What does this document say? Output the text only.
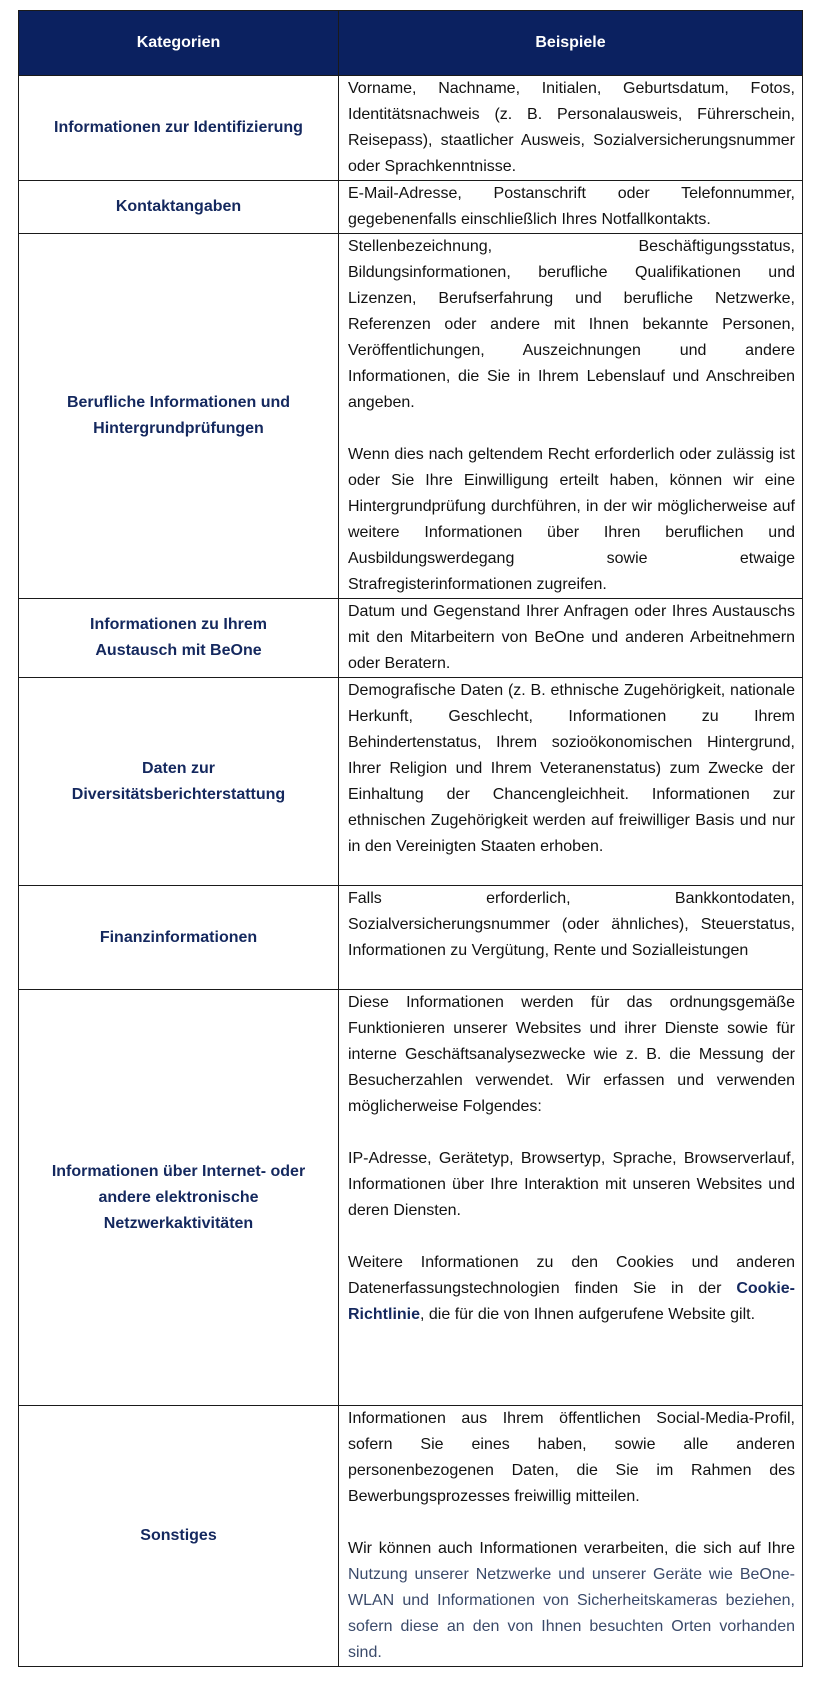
Kategorien	Beispiele
Informationen zur Identifizierung	Vorname, Nachname, Initialen, Geburtsdatum, Fotos, Identitätsnachweis (z. B. Personalausweis, Führerschein, Reisepass), staatlicher Ausweis, Sozialversicherungsnummer oder Sprachkenntnisse.

Kontaktangaben	E-Mail-Adresse, Postanschrift oder Telefonnummer, gegebenenfalls einschließlich Ihres Notfallkontakts.

Berufliche Informationen und Hintergrundprüfungen	Stellenbezeichnung, Beschäftigungsstatus, Bildungsinformationen, berufliche Qualifikationen und Lizenzen, Berufserfahrung und berufliche Netzwerke, Referenzen oder andere mit Ihnen bekannte Personen, Veröffentlichungen, Auszeichnungen und andere Informationen, die Sie in Ihrem Lebenslauf und Anschreiben angeben.

Wenn dies nach geltendem Recht erforderlich oder zulässig ist oder Sie Ihre Einwilligung erteilt haben, können wir eine Hintergrundprüfung durchführen, in der wir möglicherweise auf weitere Informationen über Ihren beruflichen und Ausbildungswerdegang sowie etwaige Strafregisterinformationen zugreifen.

Informationen zu Ihrem Austausch mit BeOne	Datum und Gegenstand Ihrer Anfragen oder Ihres Austauschs mit den Mitarbeitern von BeOne und anderen Arbeitnehmern oder Beratern.

Daten zur Diversitätsberichterstattung	Demografische Daten (z. B. ethnische Zugehörigkeit, nationale Herkunft, Geschlecht, Informationen zu Ihrem Behindertenstatus, Ihrem sozioökonomischen Hintergrund, Ihrer Religion und Ihrem Veteranenstatus) zum Zwecke der Einhaltung der Chancengleichheit. Informationen zur ethnischen Zugehörigkeit werden auf freiwilliger Basis und nur in den Vereinigten Staaten erhoben.

Finanzinformationen	Falls erforderlich, Bankkontodaten, Sozialversicherungsnummer (oder ähnliches), Steuerstatus, Informationen zu Vergütung, Rente und Sozialleistungen

Informationen über Internet- oder andere elektronische Netzwerkaktivitäten	Diese Informationen werden für das ordnungsgemäße Funktionieren unserer Websites und ihrer Dienste sowie für interne Geschäftsanalysezwecke wie z. B. die Messung der Besucherzahlen verwendet. Wir erfassen und verwenden möglicherweise Folgendes:

IP-Adresse, Gerätetyp, Browsertyp, Sprache, Browserverlauf, Informationen über Ihre Interaktion mit unseren Websites und deren Diensten.

Weitere Informationen zu den Cookies und anderen Datenerfassungstechnologien finden Sie in der Cookie-Richtlinie, die für die von Ihnen aufgerufene Website gilt.

Sonstiges	Informationen aus Ihrem öffentlichen Social-Media-Profil, sofern Sie eines haben, sowie alle anderen personenbezogenen Daten, die Sie im Rahmen des Bewerbungsprozesses freiwillig mitteilen.

Wir können auch Informationen verarbeiten, die sich auf Ihre Nutzung unserer Netzwerke und unserer Geräte wie BeOne-WLAN und Informationen von Sicherheitskameras beziehen, sofern diese an den von Ihnen besuchten Orten vorhanden sind.
